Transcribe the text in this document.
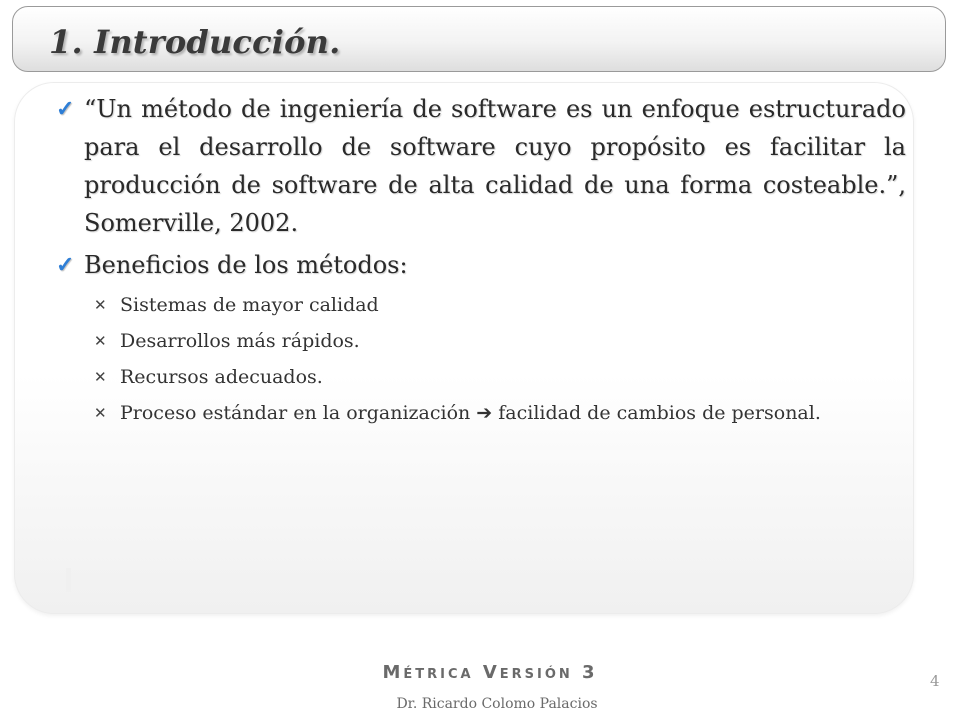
1. Introducción.
✓ “Un método de ingeniería de software es un enfoque estructurado para el desarrollo de software cuyo propósito es facilitar la producción de software de alta calidad de una forma costeable.”, Somerville, 2002.
✓ Beneficios de los métodos:
✕ Sistemas de mayor calidad
✕ Desarrollos más rápidos.
✕ Recursos adecuados.
✕ Proceso estándar en la organización ➔ facilidad de cambios de personal.
Métrica Versión 3
Dr. Ricardo Colomo Palacios
4
